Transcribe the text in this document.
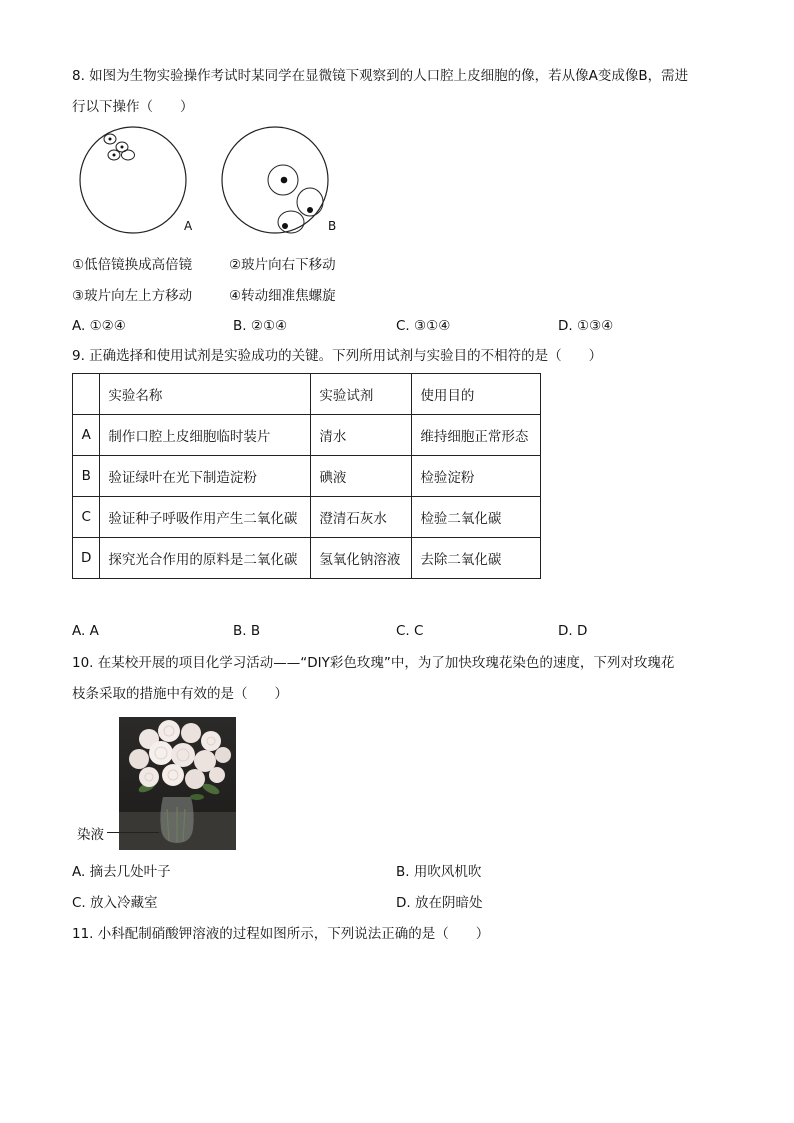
8. 如图为生物实验操作考试时某同学在显微镜下观察到的人口腔上皮细胞的像，若从像A变成像B，需进
行以下操作（　　）
A	B
①低倍镜换成高倍镜	②玻片向右下移动
③玻片向左上方移动	④转动细准焦螺旋
A. ①②④	B. ②①④	C. ③①④	D. ①③④
9. 正确选择和使用试剂是实验成功的关键。下列所用试剂与实验目的不相符的是（　　）
	实验名称	实验试剂	使用目的
A	制作口腔上皮细胞临时装片	清水	维持细胞正常形态
B	验证绿叶在光下制造淀粉	碘液	检验淀粉
C	验证种子呼吸作用产生二氧化碳	澄清石灰水	检验二氧化碳
D	探究光合作用的原料是二氧化碳	氢氧化钠溶液	去除二氧化碳
A. A	B. B	C. C	D. D
10. 在某校开展的项目化学习活动——“DIY彩色玫瑰”中，为了加快玫瑰花染色的速度，下列对玫瑰花
枝条采取的措施中有效的是（　　）
染液
A. 摘去几处叶子	B. 用吹风机吹
C. 放入冷藏室	D. 放在阴暗处
11. 小科配制硝酸钾溶液的过程如图所示，下列说法正确的是（　　）
